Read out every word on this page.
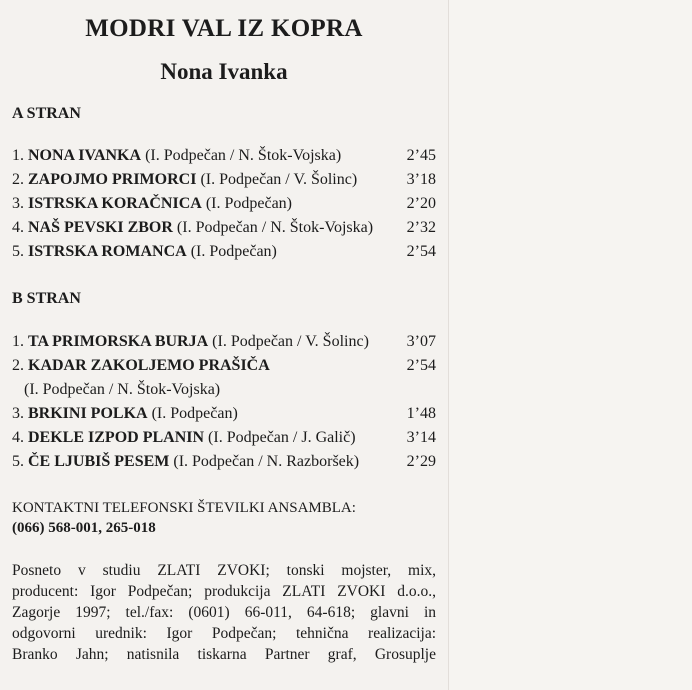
MODRI VAL IZ KOPRA
Nona Ivanka
A STRAN
1. NONA IVANKA (I. Podpečan / N. Štok-Vojska)	2’45
2. ZAPOJMO PRIMORCI (I. Podpečan / V. Šolinc)	3’18
3. ISTRSKA KORAČNICA (I. Podpečan)	2’20
4. NAŠ PEVSKI ZBOR (I. Podpečan / N. Štok-Vojska) 2’32
5. ISTRSKA ROMANCA (I. Podpečan)	2’54
B STRAN
1. TA PRIMORSKA BURJA (I. Podpečan / V. Šolinc) 3’07
2. KADAR ZAKOLJEMO PRAŠIČA	2’54
(I. Podpečan / N. Štok-Vojska)
3. BRKINI POLKA (I. Podpečan)	1’48
4. DEKLE IZPOD PLANIN (I. Podpečan / J. Galič)	3’14
5. ČE LJUBIŠ PESEM (I. Podpečan / N. Razboršek)	2’29
KONTAKTNI TELEFONSKI ŠTEVILKI ANSAMBLA:
(066) 568-001, 265-018
Posneto v studiu ZLATI ZVOKI; tonski mojster, mix,
producent: Igor Podpečan; produkcija ZLATI ZVOKI d.o.o.,
Zagorje 1997; tel./fax: (0601) 66-011, 64-618; glavni in
odgovorni urednik: Igor Podpečan; tehnična realizacija:
Branko Jahn; natisnila tiskarna Partner graf, Grosuplje
